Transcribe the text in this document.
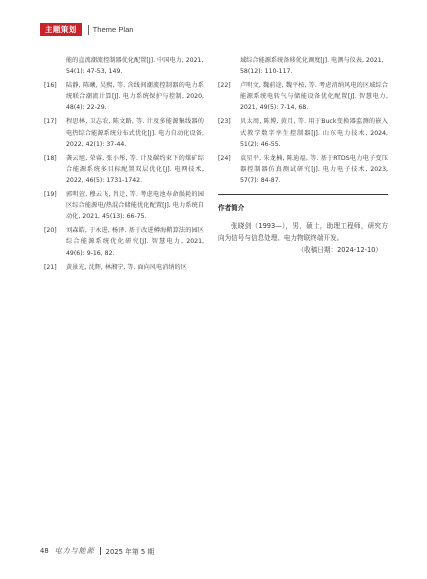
主题策划	Theme Plan
能的直流潮流控制器优化配置[J]. 中国电力, 2021, 54(1): 47-53, 149.
[16]	陆静, 陈曦, 吴熙, 等. 含线间潮流控制器的电力系统联合潮流计算[J]. 电力系统保护与控制, 2020, 48(4): 22-29.
[17]	程思林, 卫志农, 陈文路, 等. 计及多能源集线器的电热综合能源系统分布式优化[J]. 电力自动化设备, 2022, 42(1): 37-44.
[18]	龚云旭, 荣睿, 张小彤, 等. 计及碳约束下的煤矿综合能源系统多目标配置双层优化[J]. 电网技术, 2022, 46(5): 1731-1742.
[19]	郭明萱, 穆云飞, 肖迁, 等. 考虑电池寿命损耗的园区综合能源电/热混合储能优化配置[J]. 电力系统自动化, 2021, 45(13): 66-75.
[20]	刘森皓, 于永进, 杨泽. 基于改进樽海鞘算法的园区综合能源系统优化研究[J]. 智慧电力, 2021, 49(6): 9-16, 82.
[21]	黄景光, 沈辉, 林湘宁, 等. 面向风电消纳的区
域综合能源系统备移优化调度[J]. 电测与仪表, 2021, 58(12): 110-117.
[22]	卢明文, 魏前途, 魏平桉, 等. 考虑消纳风电的区域综合能源系统电转气与储能设备优化配置[J]. 智慧电力, 2021, 49(5): 7-14, 68.
[23]	贝太周, 陈博, 黄月, 等. 用于Buck变换器监测的嵌入式教学数字孪生控制器[J]. 山东电力技术, 2024, 51(2): 46-55.
[24]	袁星平, 朱龙楠, 陈迪福, 等. 基于RTDS电力电子变压器控制器仿真测试研究[J]. 电力电子技术, 2023, 57(7): 84-87.
作者简介
张晓剑（1993—），男，硕士，助理工程师，研究方向为信号与信息处理、电力物联终端开发。
（收稿日期：2024-12-10）
48 电力与能源 2025 年第 5 期
